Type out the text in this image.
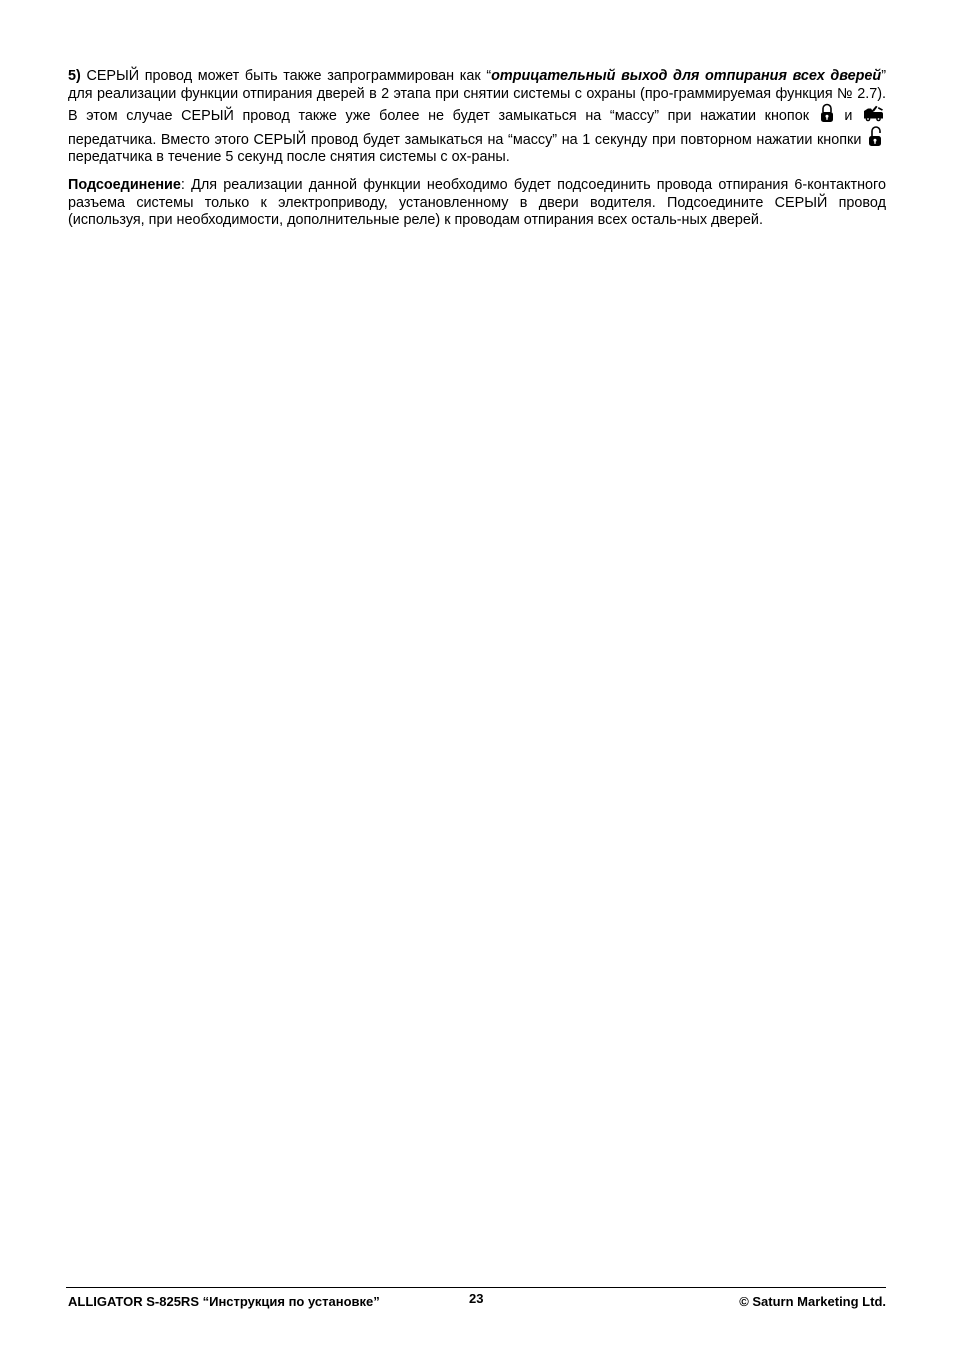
5) СЕРЫЙ провод может быть также запрограммирован как “отрицательный выход для отпирания всех дверей” для реализации функции отпирания дверей в 2 этапа при снятии системы с охраны (про-граммируемая функция № 2.7). В этом случае СЕРЫЙ провод также уже более не будет замыкаться на “массу” при нажатии кнопок
и
передатчика. Вместо этого СЕРЫЙ провод будет замыкаться на “массу” на 1 секунду при повторном нажатии кнопки
передатчика в течение 5 секунд после снятия системы с ох-раны.

Подсоединение: Для реализации данной функции необходимо будет подсоединить провода отпирания 6-контактного разъема системы только к электроприводу, установленному в двери водителя. Подсоедините СЕРЫЙ провод (используя, при необходимости, дополнительные реле) к проводам отпирания всех осталь-ных дверей.

ALLIGATOR S-825RS “Инструкция по установке”	23	© Saturn Marketing Ltd.
